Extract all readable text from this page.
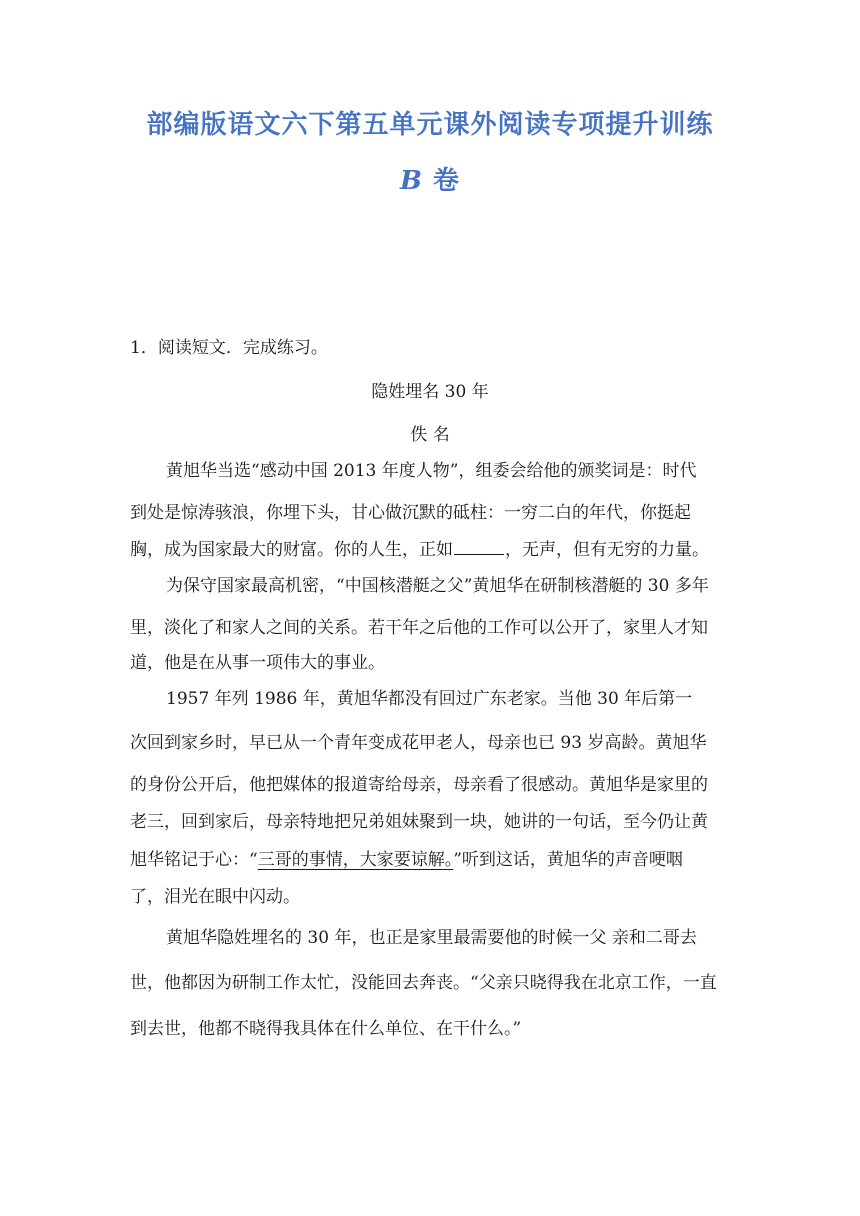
部编版语文六下第五单元课外阅读专项提升训练
B 卷
1．阅读短文．完成练习。
隐姓埋名 30 年
佚 名
黄旭华当选“感动中国 2013 年度人物”，组委会给他的颁奖词是：时代
到处是惊涛骇浪，你埋下头，甘心做沉默的砥柱：一穷二白的年代，你挺起
胸，成为国家最大的财富。你的人生，正如	，无声，但有无穷的力量。
为保守国家最高机密，“中国核潜艇之父”黄旭华在研制核潜艇的 30 多年
里，淡化了和家人之间的关系。若干年之后他的工作可以公开了，家里人才知
道，他是在从事一项伟大的事业。
1957 年列 1986 年，黄旭华都没有回过广东老家。当他 30 年后第一
次回到家乡时，早已从一个青年变成花甲老人，母亲也已 93 岁高龄。黄旭华
的身份公开后，他把媒体的报道寄给母亲，母亲看了很感动。黄旭华是家里的
老三，回到家后，母亲特地把兄弟姐妹聚到一块，她讲的一句话，至今仍让黄
旭华铭记于心：“三哥的事情，大家要谅解。”听到这话，黄旭华的声音哽咽
了，泪光在眼中闪动。
黄旭华隐姓埋名的 30 年，也正是家里最需要他的时候一父 亲和二哥去
世，他都因为研制工作太忙，没能回去奔丧。“父亲只晓得我在北京工作，一直
到去世，他都不晓得我具体在什么单位、在干什么。”
